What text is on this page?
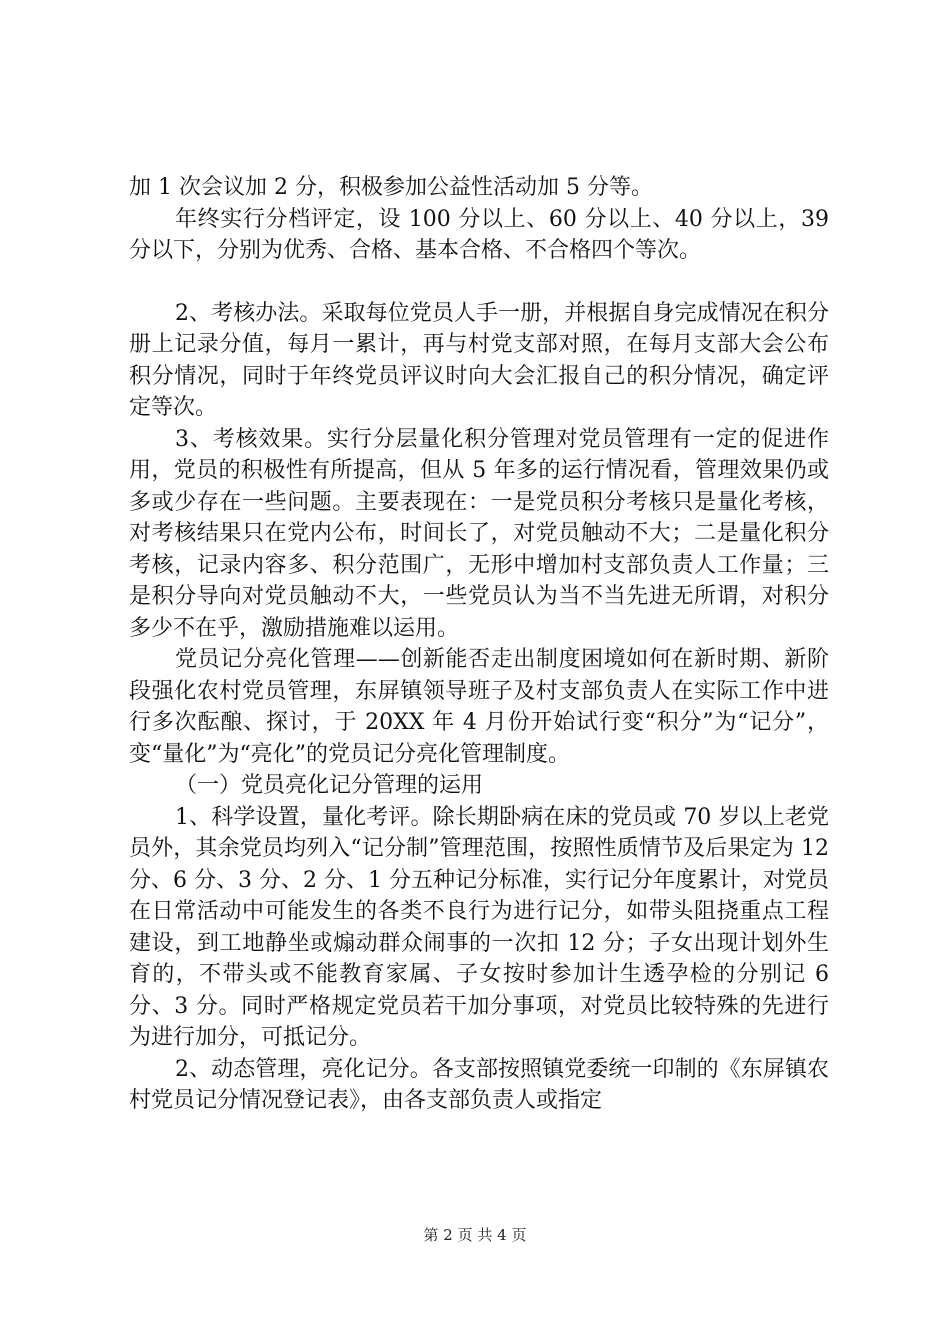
加 1 次会议加 2 分，积极参加公益性活动加 5 分等。

年终实行分档评定，设 100 分以上、60 分以上、40 分以上，39 分以下，分别为优秀、合格、基本合格、不合格四个等次。

2、考核办法。采取每位党员人手一册，并根据自身完成情况在积分册上记录分值，每月一累计，再与村党支部对照，在每月支部大会公布积分情况，同时于年终党员评议时向大会汇报自己的积分情况，确定评定等次。

3、考核效果。实行分层量化积分管理对党员管理有一定的促进作用，党员的积极性有所提高，但从 5 年多的运行情况看，管理效果仍或多或少存在一些问题。主要表现在：一是党员积分考核只是量化考核，对考核结果只在党内公布，时间长了，对党员触动不大；二是量化积分考核，记录内容多、积分范围广，无形中增加村支部负责人工作量；三是积分导向对党员触动不大，一些党员认为当不当先进无所谓，对积分多少不在乎，激励措施难以运用。

党员记分亮化管理——创新能否走出制度困境如何在新时期、新阶段强化农村党员管理，东屏镇领导班子及村支部负责人在实际工作中进行多次酝酿、探讨，于 20XX 年 4 月份开始试行变“积分”为“记分”，变“量化”为“亮化”的党员记分亮化管理制度。

（一）党员亮化记分管理的运用

1、科学设置，量化考评。除长期卧病在床的党员或 70 岁以上老党员外，其余党员均列入“记分制”管理范围，按照性质情节及后果定为 12 分、6 分、3 分、2 分、1 分五种记分标准，实行记分年度累计，对党员在日常活动中可能发生的各类不良行为进行记分，如带头阻挠重点工程建设，到工地静坐或煽动群众闹事的一次扣 12 分；子女出现计划外生育的，不带头或不能教育家属、子女按时参加计生透孕检的分别记 6 分、3 分。同时严格规定党员若干加分事项，对党员比较特殊的先进行为进行加分，可抵记分。

2、动态管理，亮化记分。各支部按照镇党委统一印制的《东屏镇农村党员记分情况登记表》，由各支部负责人或指定

第 2 页 共 4 页
